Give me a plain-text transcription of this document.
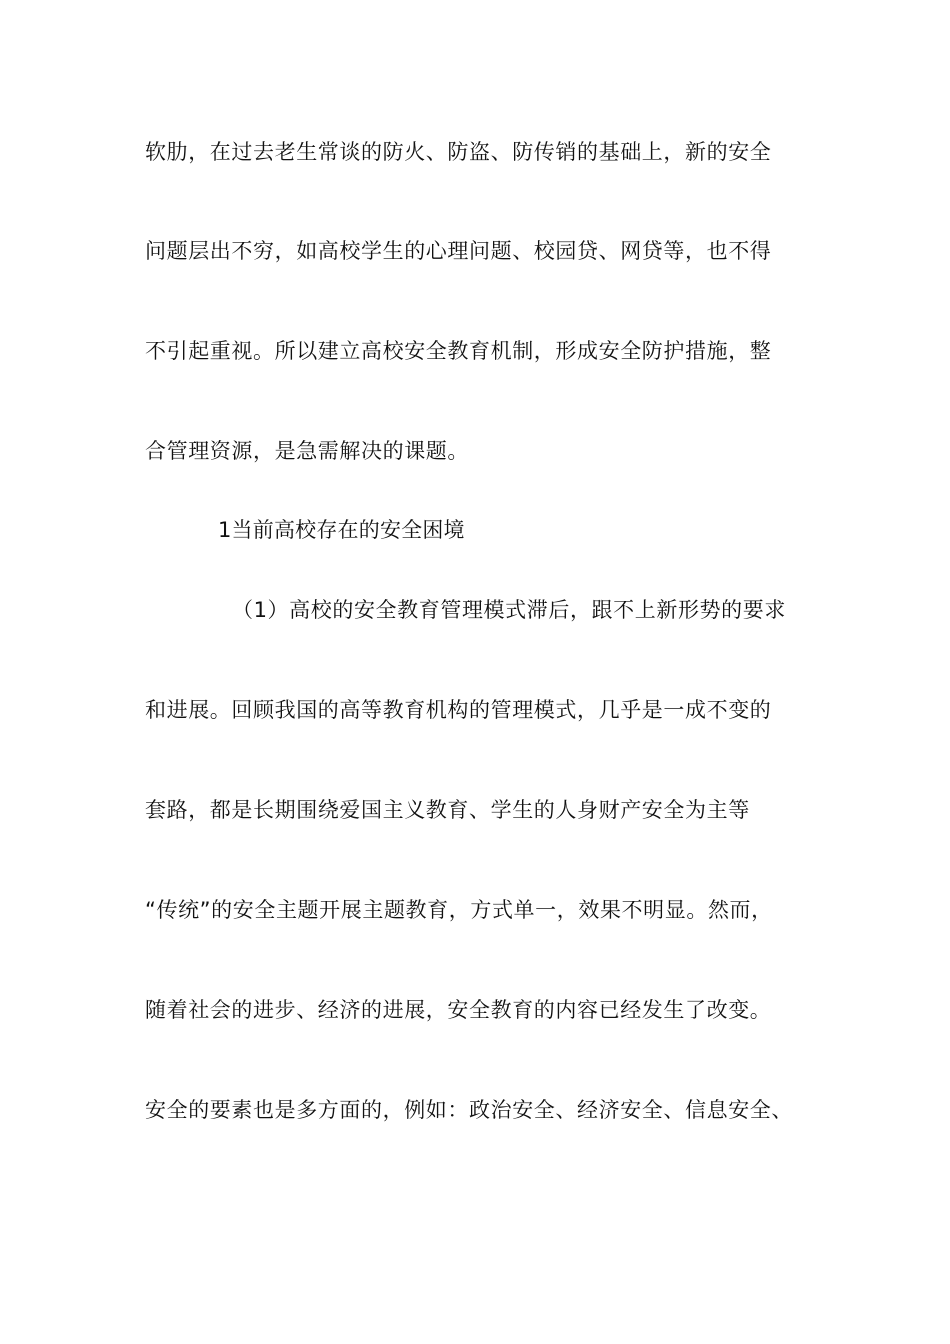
软肋，在过去老生常谈的防火、防盗、防传销的基础上，新的安全
问题层出不穷，如高校学生的心理问题、校园贷、网贷等，也不得
不引起重视。所以建立高校安全教育机制，形成安全防护措施，整
合管理资源，是急需解决的课题。
1当前高校存在的安全困境
（1）高校的安全教育管理模式滞后，跟不上新形势的要求
和进展。回顾我国的高等教育机构的管理模式，几乎是一成不变的
套路，都是长期围绕爱国主义教育、学生的人身财产安全为主等
“传统”的安全主题开展主题教育，方式单一，效果不明显。然而，
随着社会的进步、经济的进展，安全教育的内容已经发生了改变。
安全的要素也是多方面的，例如：政治安全、经济安全、信息安全、
